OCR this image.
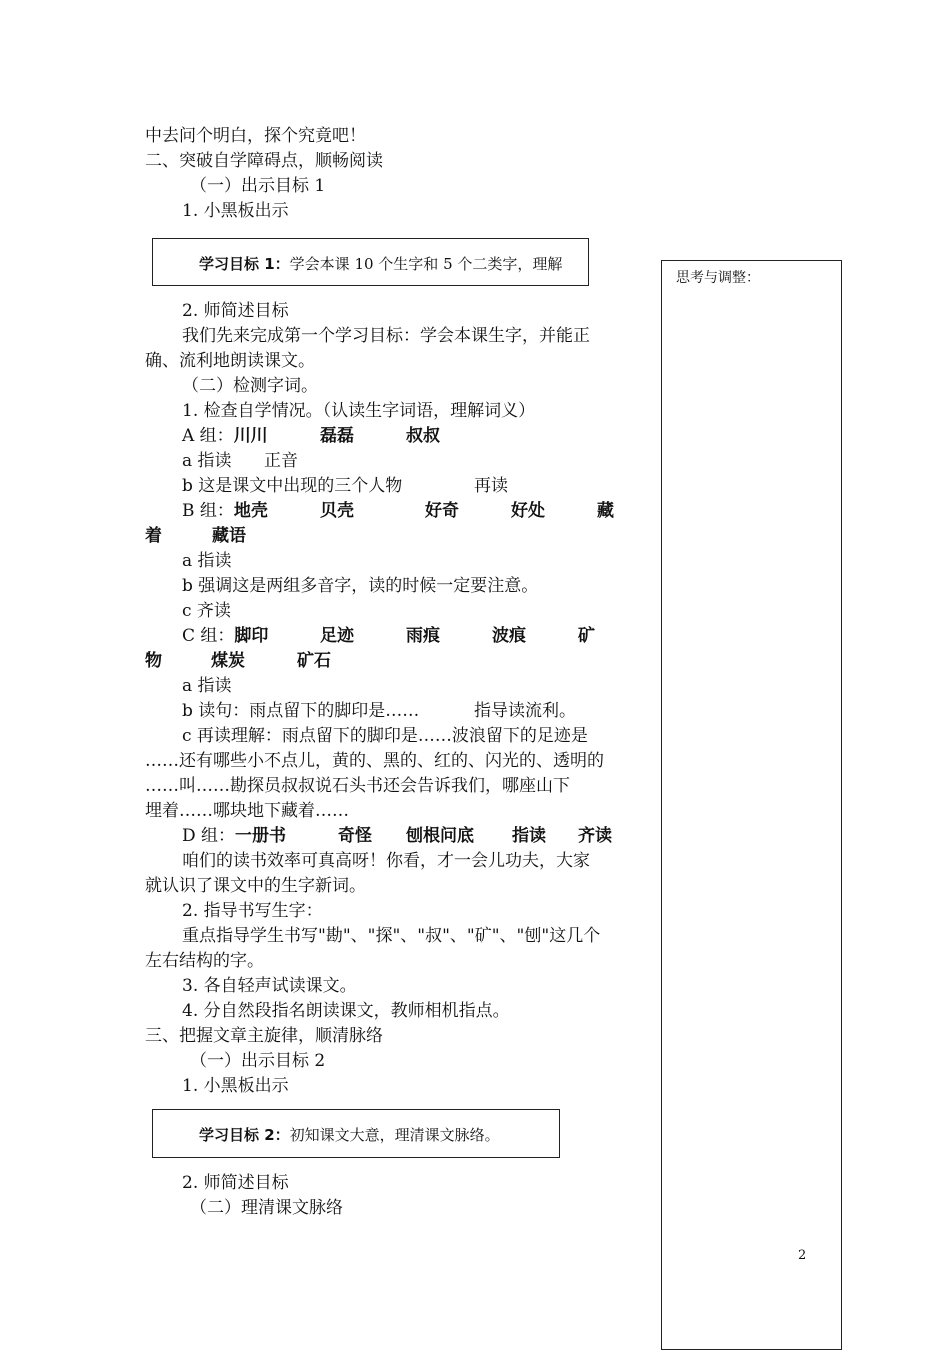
中去问个明白，探个究竟吧！
二、突破自学障碍点，顺畅阅读
（一）出示目标 1
1. 小黑板出示
学习目标 1：学会本课 10 个生字和 5 个二类字，理解
2. 师简述目标
我们先来完成第一个学习目标：学会本课生字，并能正
确、流利地朗读课文。
（二）检测字词。
1. 检查自学情况。（认读生字词语，理解词义）
A 组：川川	磊磊	叔叔
a 指读 正音
b 这是课文中出现的三个人物	再读
B 组：地壳	贝壳	好奇	好处	藏
着	藏语
a 指读
b 强调这是两组多音字，读的时候一定要注意。
c 齐读
C 组：脚印	足迹	雨痕	波痕	矿
物	煤炭	矿石
a 指读
b 读句：雨点留下的脚印是……	指导读流利。
c 再读理解：雨点留下的脚印是……波浪留下的足迹是
……还有哪些小不点儿，黄的、黑的、红的、闪光的、透明的
……叫……勘探员叔叔说石头书还会告诉我们，哪座山下
埋着……哪块地下藏着……
D 组：一册书	奇怪 刨根问底 指读 齐读
咱们的读书效率可真高呀！你看，才一会儿功夫，大家
就认识了课文中的生字新词。
2. 指导书写生字：
重点指导学生书写"勘"、"探"、"叔"、"矿"、"刨"这几个
左右结构的字。
3. 各自轻声试读课文。
4. 分自然段指名朗读课文，教师相机指点。
三、把握文章主旋律，顺清脉络
（一）出示目标 2
1. 小黑板出示
学习目标 2：初知课文大意，理清课文脉络。
2. 师简述目标
（二）理清课文脉络
思考与调整：
2
